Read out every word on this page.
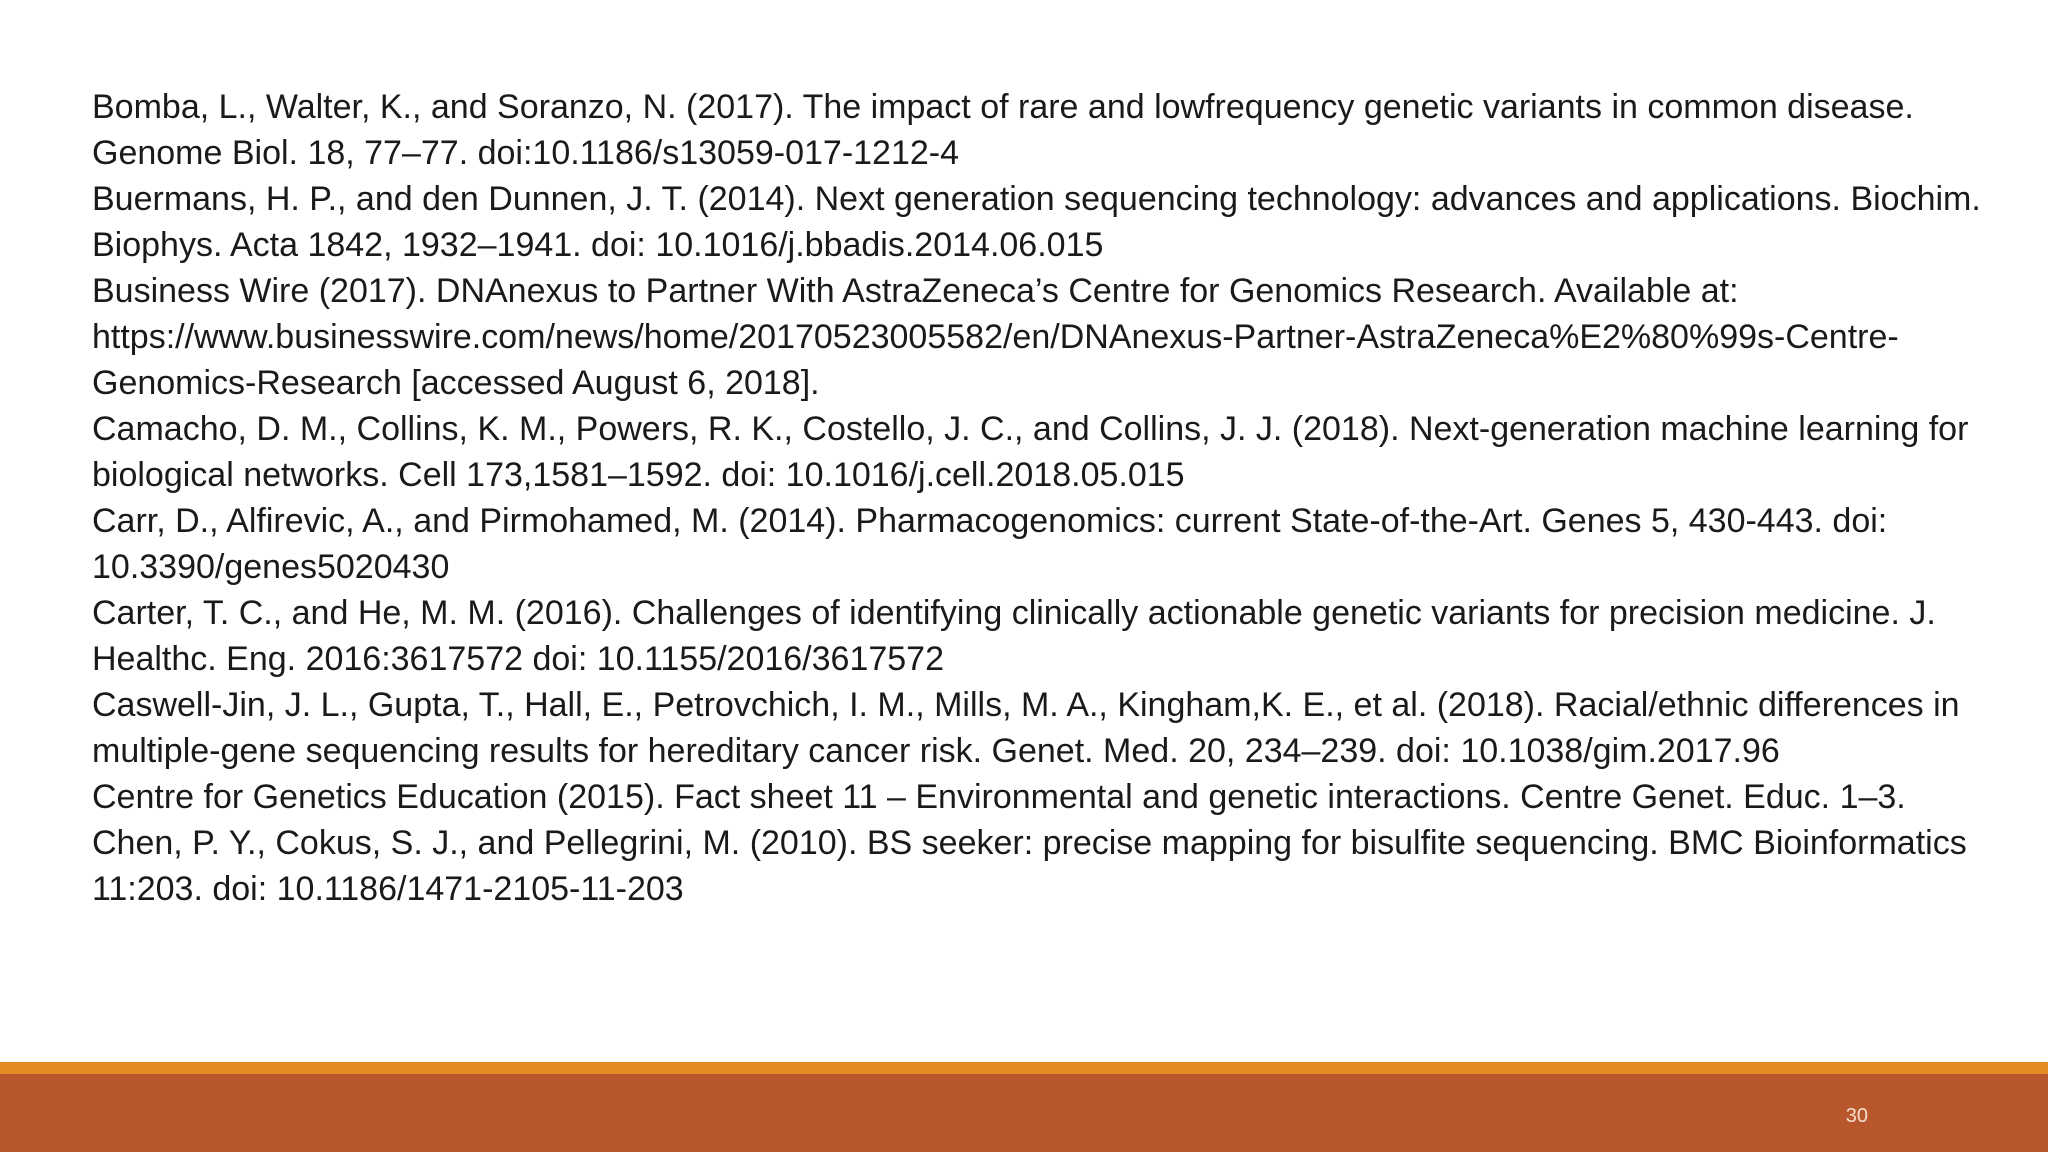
Bomba, L., Walter, K., and Soranzo, N. (2017). The impact of rare and lowfrequency genetic variants in common disease. Genome Biol. 18, 77–77. doi:10.1186/s13059-017-1212-4
Buermans, H. P., and den Dunnen, J. T. (2014). Next generation sequencing technology: advances and applications. Biochim. Biophys. Acta 1842, 1932–1941. doi: 10.1016/j.bbadis.2014.06.015
Business Wire (2017). DNAnexus to Partner With AstraZeneca’s Centre for Genomics Research. Available at: https://www.businesswire.com/news/home/20170523005582/en/DNAnexus-Partner-AstraZeneca%E2%80%99s-Centre-Genomics-Research [accessed August 6, 2018].
Camacho, D. M., Collins, K. M., Powers, R. K., Costello, J. C., and Collins, J. J. (2018). Next-generation machine learning for biological networks. Cell 173,1581–1592. doi: 10.1016/j.cell.2018.05.015
Carr, D., Alfirevic, A., and Pirmohamed, M. (2014). Pharmacogenomics: current State-of-the-Art. Genes 5, 430-443. doi: 10.3390/genes5020430
Carter, T. C., and He, M. M. (2016). Challenges of identifying clinically actionable genetic variants for precision medicine. J. Healthc. Eng. 2016:3617572 doi: 10.1155/2016/3617572
Caswell-Jin, J. L., Gupta, T., Hall, E., Petrovchich, I. M., Mills, M. A., Kingham,K. E., et al. (2018). Racial/ethnic differences in multiple-gene sequencing results for hereditary cancer risk. Genet. Med. 20, 234–239. doi: 10.1038/gim.2017.96
Centre for Genetics Education (2015). Fact sheet 11 – Environmental and genetic interactions. Centre Genet. Educ. 1–3.
Chen, P. Y., Cokus, S. J., and Pellegrini, M. (2010). BS seeker: precise mapping for bisulfite sequencing. BMC Bioinformatics 11:203. doi: 10.1186/1471-2105-11-203
30
